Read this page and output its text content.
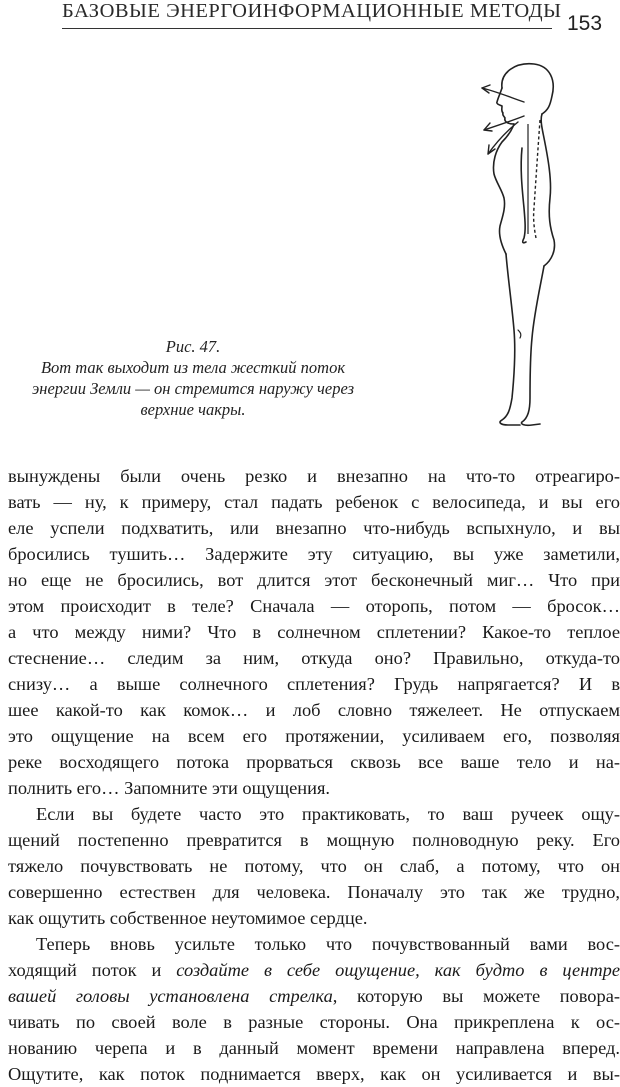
БАЗОВЫЕ ЭНЕРГОИНФОРМАЦИОННЫЕ МЕТОДЫ
153
Рис. 47.
Вот так выходит из тела жесткий поток
энергии Земли — он стремится наружу через
верхние чакры.
вынуждены были очень резко и внезапно на что-то отреагиро-
вать — ну, к примеру, стал падать ребенок с велосипеда, и вы его
еле успели подхватить, или внезапно что-нибудь вспыхнуло, и вы
бросились тушить… Задержите эту ситуацию, вы уже заметили,
но еще не бросились, вот длится этот бесконечный миг… Что при
этом происходит в теле? Сначала — оторопь, потом — бросок…
а что между ними? Что в солнечном сплетении? Какое-то теплое
стеснение… следим за ним, откуда оно? Правильно, откуда-то
снизу… а выше солнечного сплетения? Грудь напрягается? И в
шее какой-то как комок… и лоб словно тяжелеет. Не отпускаем
это ощущение на всем его протяжении, усиливаем его, позволяя
реке восходящего потока прорваться сквозь все ваше тело и на-
полнить его… Запомните эти ощущения.
Если вы будете часто это практиковать, то ваш ручеек ощу-
щений постепенно превратится в мощную полноводную реку. Его
тяжело почувствовать не потому, что он слаб, а потому, что он
совершенно естествен для человека. Поначалу это так же трудно,
как ощутить собственное неутомимое сердце.
Теперь вновь усильте только что почувствованный вами вос-
ходящий поток и создайте в себе ощущение, как будто в центре
вашей головы установлена стрелка, которую вы можете повора-
чивать по своей воле в разные стороны. Она прикреплена к ос-
нованию черепа и в данный момент времени направлена вперед.
Ощутите, как поток поднимается вверх, как он усиливается и вы-
